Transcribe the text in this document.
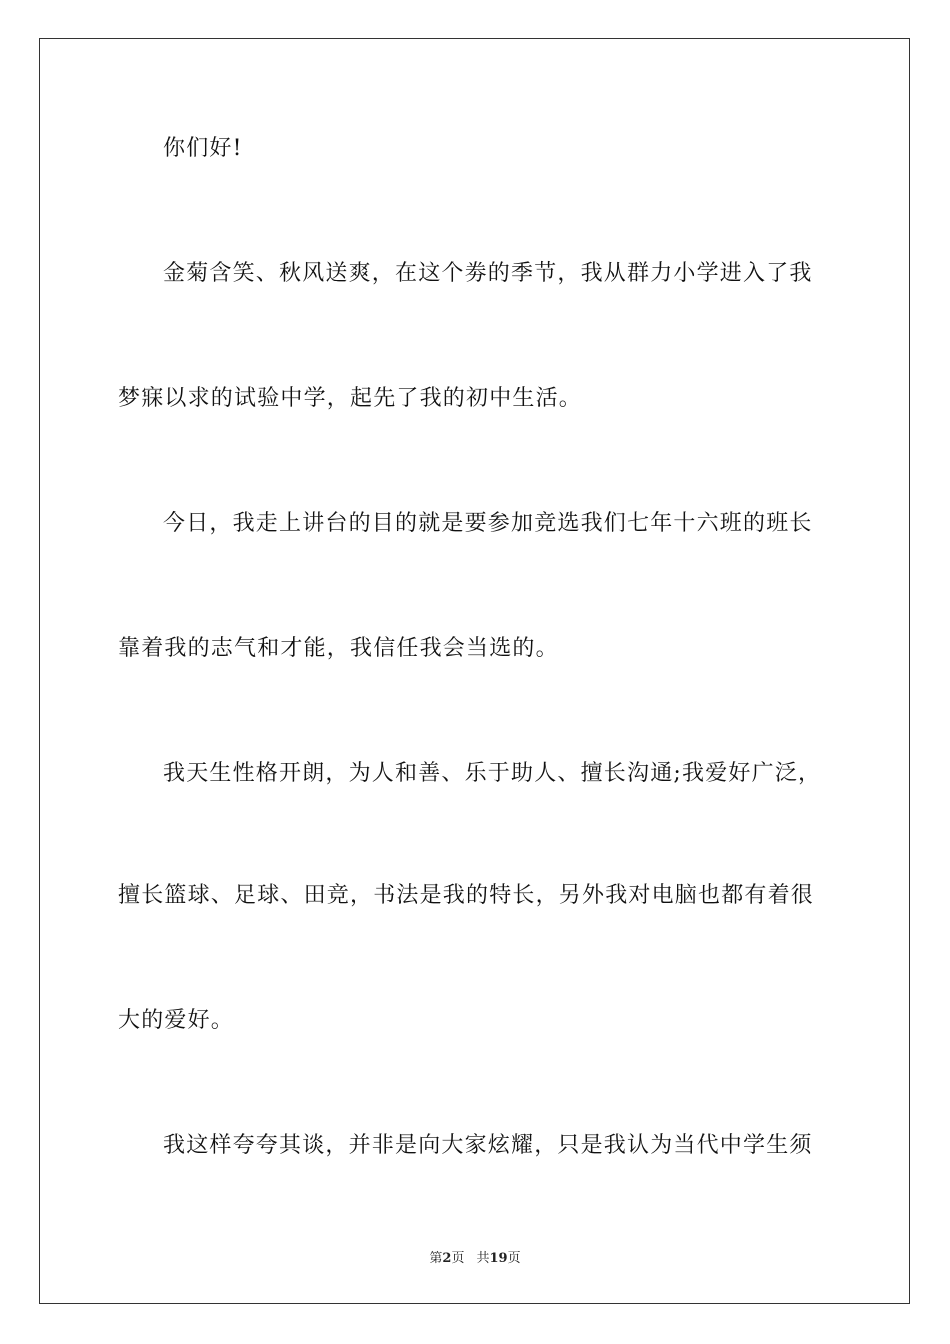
你们好!
金菊含笑、秋风送爽，在这个劵的季节，我从群力小学进入了我
梦寐以求的试验中学，起先了我的初中生活。
今日，我走上讲台的目的就是要参加竞选我们七年十六班的班长
靠着我的志气和才能，我信任我会当选的。
我天生性格开朗，为人和善、乐于助人、擅长沟通;我爱好广泛，
擅长篮球、足球、田竞，书法是我的特长，另外我对电脑也都有着很
大的爱好。
我这样夸夸其谈，并非是向大家炫耀，只是我认为当代中学生须
第2页 共19页
